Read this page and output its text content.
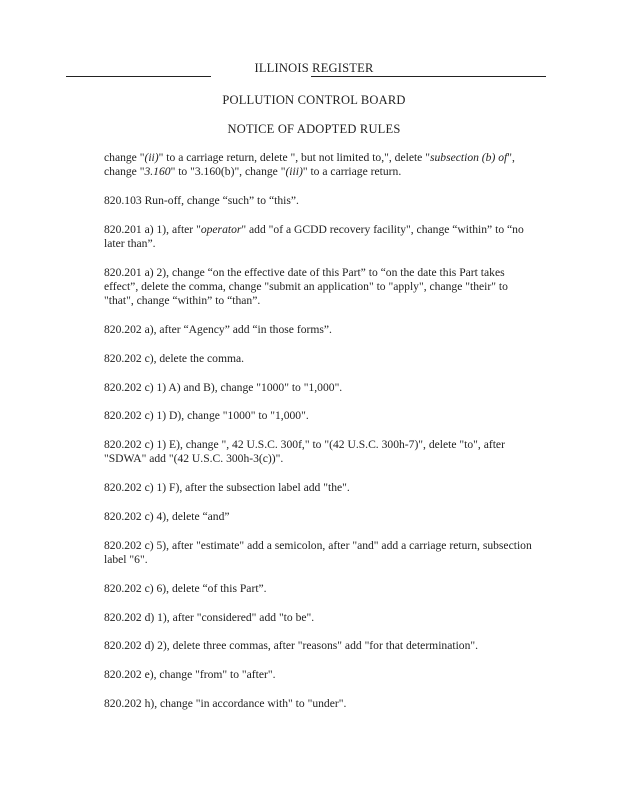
ILLINOIS REGISTER
POLLUTION CONTROL BOARD
NOTICE OF ADOPTED RULES

change "(ii)" to a carriage return, delete ", but not limited to,", delete "subsection (b) of", change "3.160" to "3.160(b)", change "(iii)" to a carriage return.

820.103 Run-off, change “such” to “this”.

820.201 a) 1), after "operator" add "of a GCDD recovery facility", change “within” to “no later than”.

820.201 a) 2), change “on the effective date of this Part” to “on the date this Part takes effect”, delete the comma, change "submit an application" to "apply", change "their" to "that", change “within” to “than”.

820.202 a), after “Agency” add “in those forms”.

820.202 c), delete the comma.

820.202 c) 1) A) and B), change "1000" to "1,000".

820.202 c) 1) D), change "1000" to "1,000".

820.202 c) 1) E), change ", 42 U.S.C. 300f," to "(42 U.S.C. 300h-7)", delete "to", after "SDWA" add "(42 U.S.C. 300h-3(c))".

820.202 c) 1) F), after the subsection label add "the".

820.202 c) 4), delete “and”

820.202 c) 5), after "estimate" add a semicolon, after "and" add a carriage return, subsection label "6".

820.202 c) 6), delete “of this Part”.

820.202 d) 1), after "considered" add "to be".

820.202 d) 2), delete three commas, after "reasons" add "for that determination".

820.202 e), change "from" to "after".

820.202 h), change "in accordance with" to "under".
